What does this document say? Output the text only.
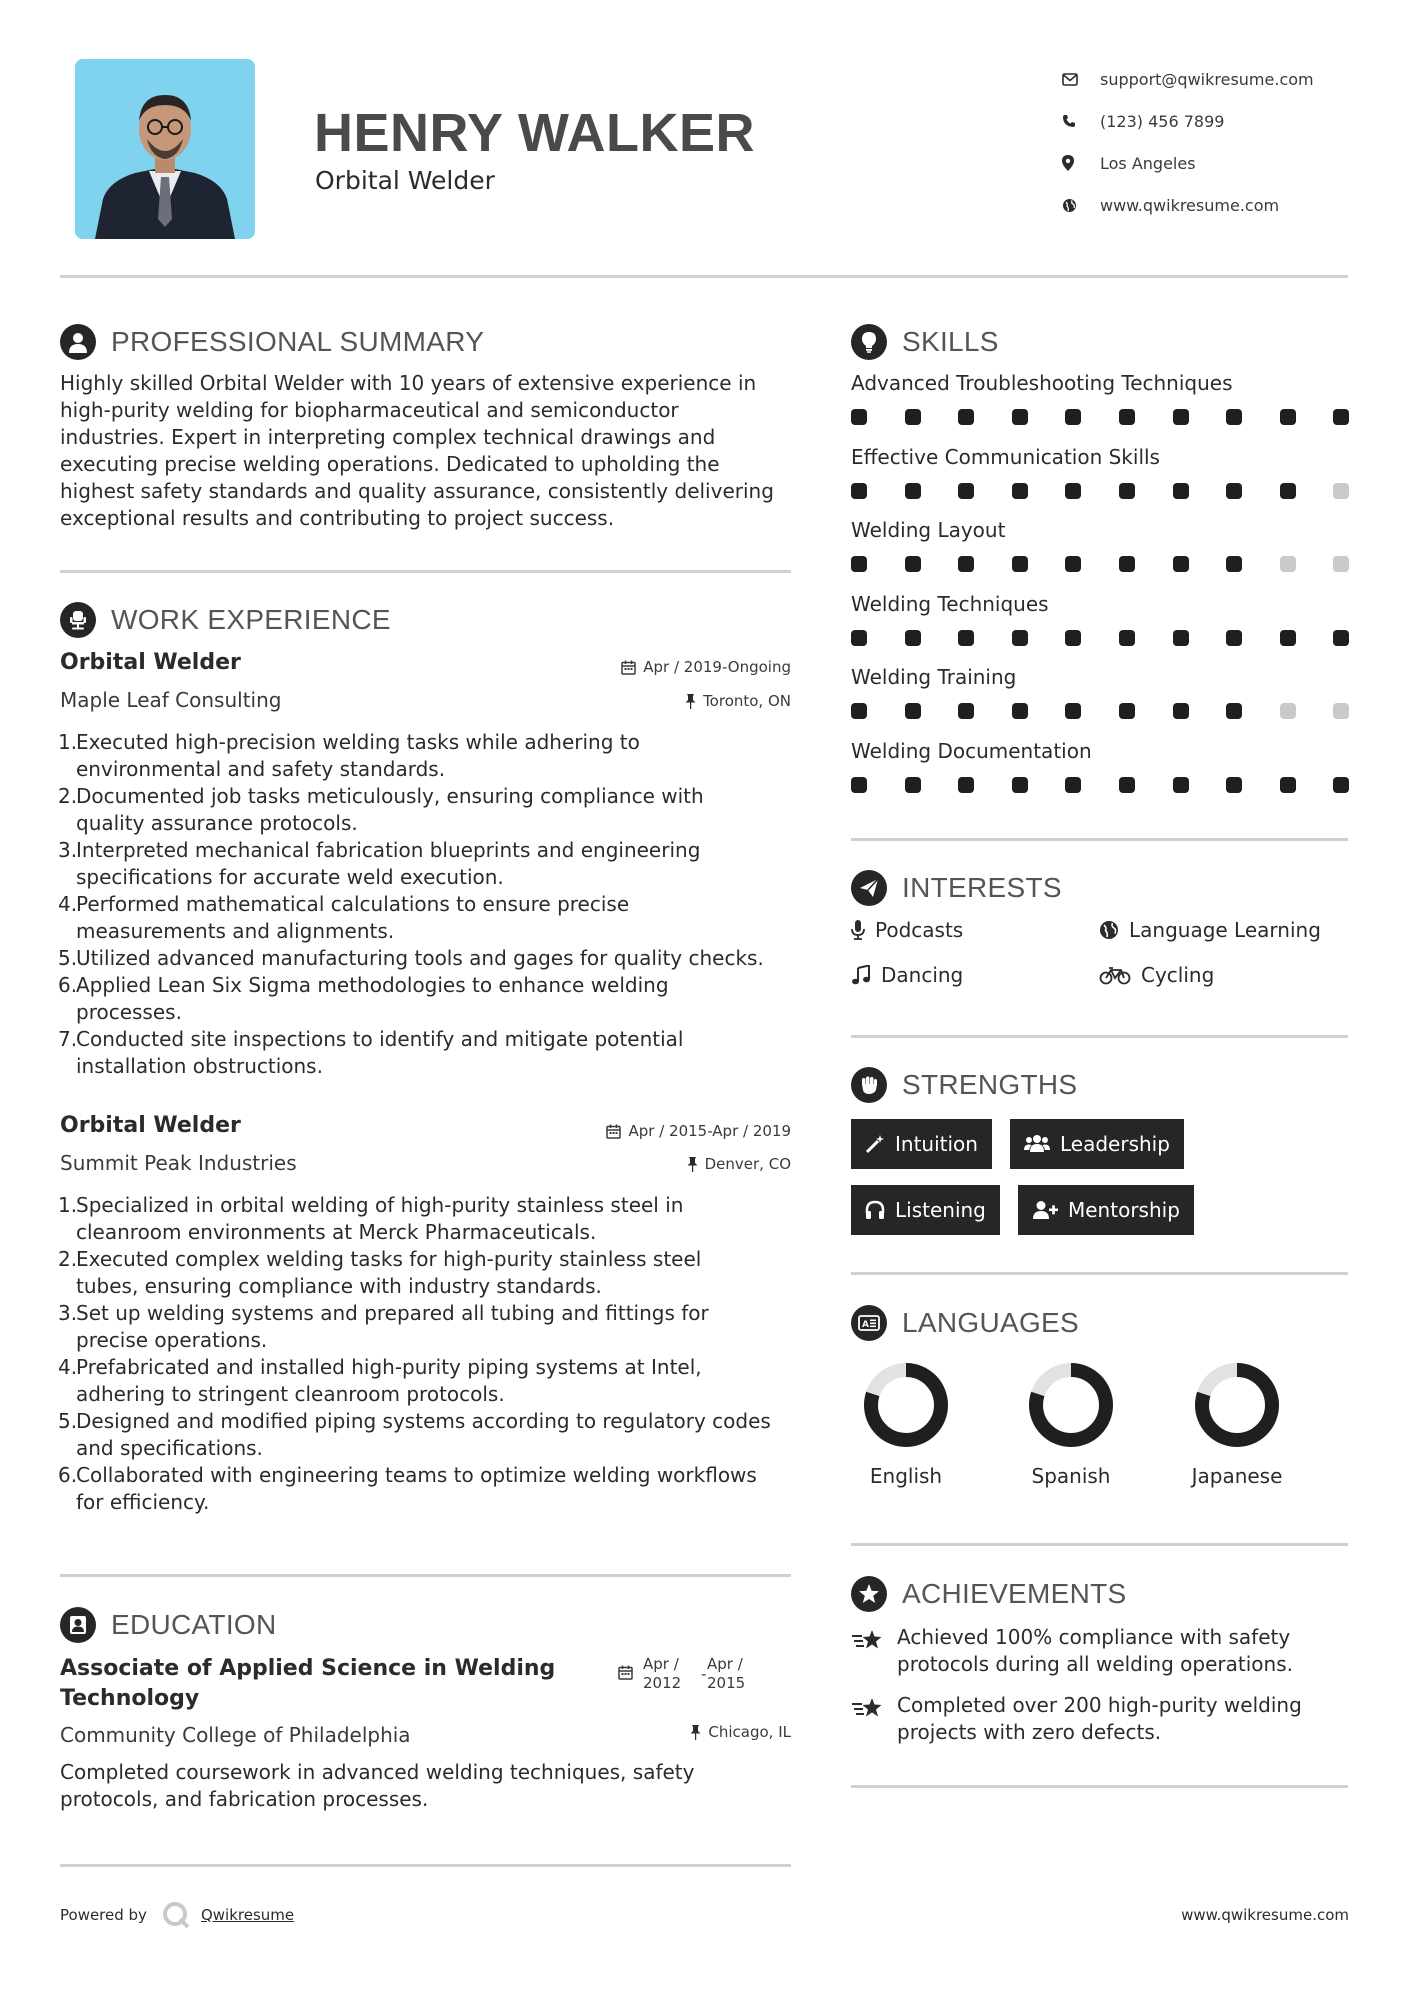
HENRY WALKER
Orbital Welder
support@qwikresume.com
(123) 456 7899
Los Angeles
www.qwikresume.com
PROFESSIONAL SUMMARY
Highly skilled Orbital Welder with 10 years of extensive experience in
high-purity welding for biopharmaceutical and semiconductor
industries. Expert in interpreting complex technical drawings and
executing precise welding operations. Dedicated to upholding the
highest safety standards and quality assurance, consistently delivering
exceptional results and contributing to project success.
WORK EXPERIENCE
Orbital Welder	Apr / 2019-Ongoing
Maple Leaf Consulting	Toronto, ON
1.
Executed high-precision welding tasks while adhering to
environmental and safety standards.
2.
Documented job tasks meticulously, ensuring compliance with
quality assurance protocols.
3.
Interpreted mechanical fabrication blueprints and engineering
specifications for accurate weld execution.
4.
Performed mathematical calculations to ensure precise
measurements and alignments.
5.
Utilized advanced manufacturing tools and gages for quality checks.
6.
Applied Lean Six Sigma methodologies to enhance welding
processes.
7.
Conducted site inspections to identify and mitigate potential
installation obstructions.
Orbital Welder	Apr / 2015-Apr / 2019
Summit Peak Industries	Denver, CO
1.
Specialized in orbital welding of high-purity stainless steel in
cleanroom environments at Merck Pharmaceuticals.
2.
Executed complex welding tasks for high-purity stainless steel
tubes, ensuring compliance with industry standards.
3.
Set up welding systems and prepared all tubing and fittings for
precise operations.
4.
Prefabricated and installed high-purity piping systems at Intel,
adhering to stringent cleanroom protocols.
5.
Designed and modified piping systems according to regulatory codes
and specifications.
6.
Collaborated with engineering teams to optimize welding workflows
for efficiency.
EDUCATION
Associate of Applied Science in Welding
Technology
Apr /
2012	-
Apr /
2015
Community College of Philadelphia	Chicago, IL
Completed coursework in advanced welding techniques, safety
protocols, and fabrication processes.
SKILLS
Advanced Troubleshooting Techniques
Effective Communication Skills
Welding Layout
Welding Techniques
Welding Training
Welding Documentation
INTERESTS
Podcasts	Language Learning
Dancing	Cycling
STRENGTHS
Intuition	Leadership
Listening	Mentorship
A LANGUAGES
English	Spanish	Japanese
ACHIEVEMENTS
Achieved 100% compliance with safety
protocols during all welding operations.
Completed over 200 high-purity welding
projects with zero defects.
Powered by	Qwikresume	www.qwikresume.com
